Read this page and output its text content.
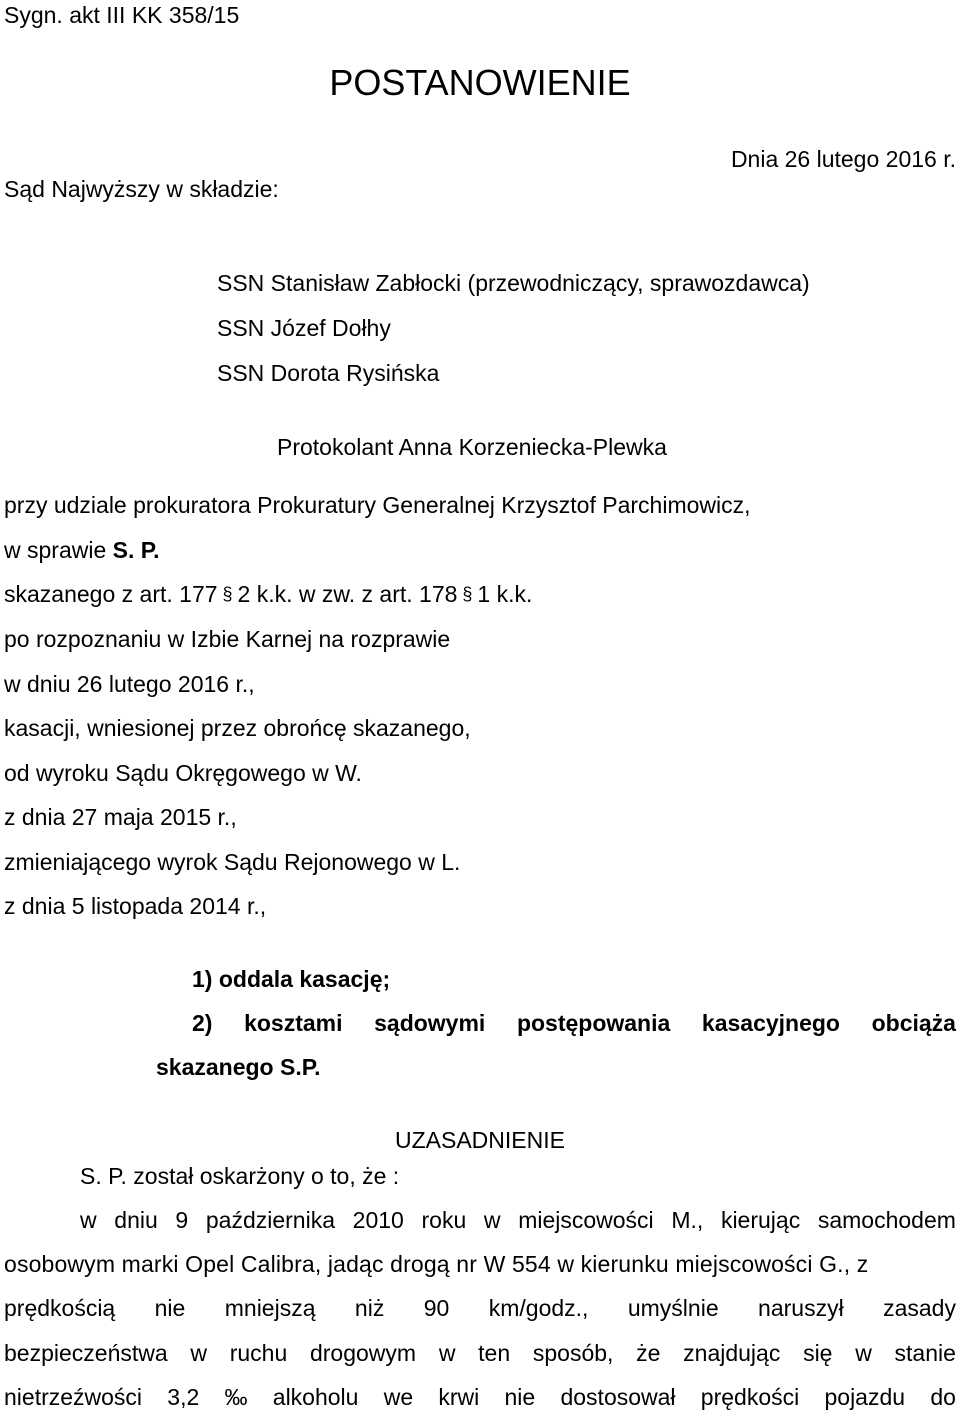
Sygn. akt III KK 358/15
POSTANOWIENIE
Dnia 26 lutego 2016 r.
Sąd Najwyższy w składzie:
SSN Stanisław Zabłocki (przewodniczący, sprawozdawca)
SSN Józef Dołhy
SSN Dorota Rysińska
Protokolant Anna Korzeniecka-Plewka
przy udziale prokuratora Prokuratury Generalnej Krzysztof Parchimowicz,
w sprawie S. P.
skazanego z art. 177 § 2 k.k. w zw. z art. 178 § 1 k.k.
po rozpoznaniu w Izbie Karnej na rozprawie
w dniu 26 lutego 2016 r.,
kasacji, wniesionej przez obrońcę skazanego,
od wyroku Sądu Okręgowego w W.
z dnia 27 maja 2015 r.,
zmieniającego wyrok Sądu Rejonowego w L.
z dnia 5 listopada 2014 r.,
1) oddala kasację;
2) kosztami sądowymi postępowania kasacyjnego obciąża
skazanego S.P.
UZASADNIENIE
S. P. został oskarżony o to, że :
w dniu 9 października 2010 roku w miejscowości M., kierując samochodem
osobowym marki Opel Calibra, jadąc drogą nr W 554 w kierunku miejscowości G., z
prędkością nie mniejszą niż 90 km/godz., umyślnie naruszył zasady
bezpieczeństwa w ruchu drogowym w ten sposób, że znajdując się w stanie
nietrzeźwości 3,2 ‰ alkoholu we krwi nie dostosował prędkości pojazdu do
